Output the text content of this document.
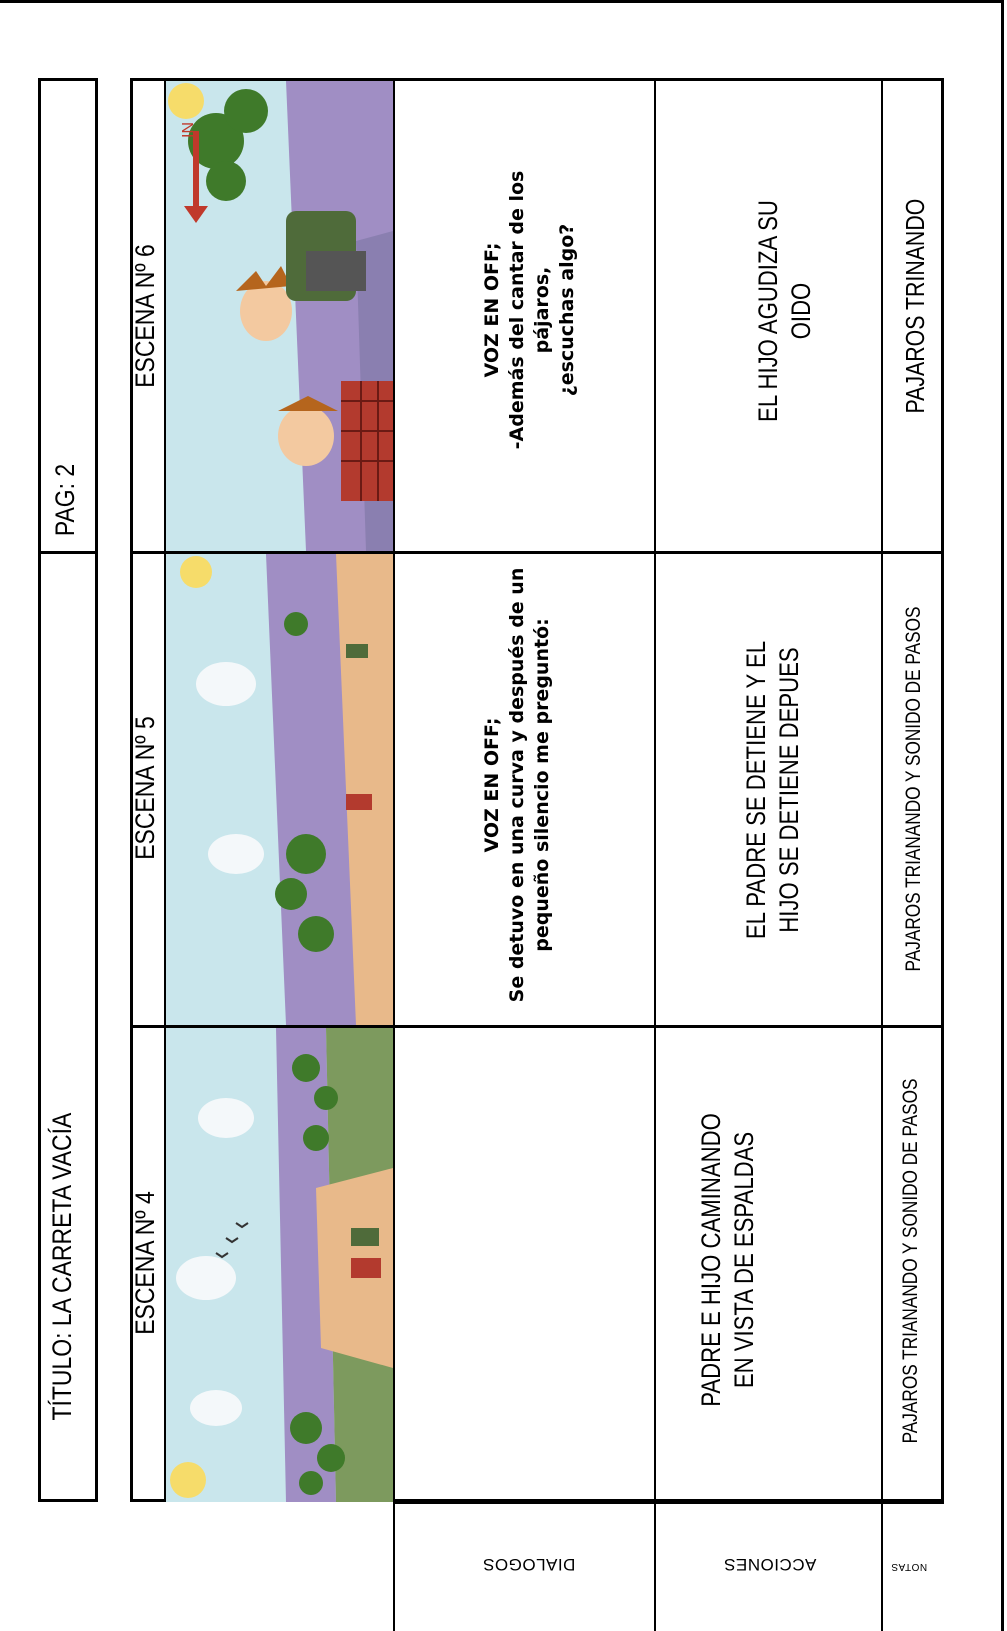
TÍTULO: LA CARRETA VACÍA
PAG: 2
ESCENA Nº 4
ESCENA Nº 5
ESCENA Nº 6
IN
VOZ EN OFF; Se detuvo en una curva y después de un pequeño silencio me preguntó:
VOZ EN OFF; -Además del cantar de los pájaros, ¿escuchas algo?
PADRE E HIJO CAMINANDO EN VISTA DE ESPALDAS
EL PADRE SE DETIENE Y EL HIJO SE DETIENE DEPUES
EL HIJO AGUDIZA SU OIDO
PAJAROS TRIANANDO Y SONIDO DE PASOS
PAJAROS TRIANANDO Y SONIDO DE PASOS
PAJAROS TRINANDO
DIALOGOS	ACCIONES	NOTAS
